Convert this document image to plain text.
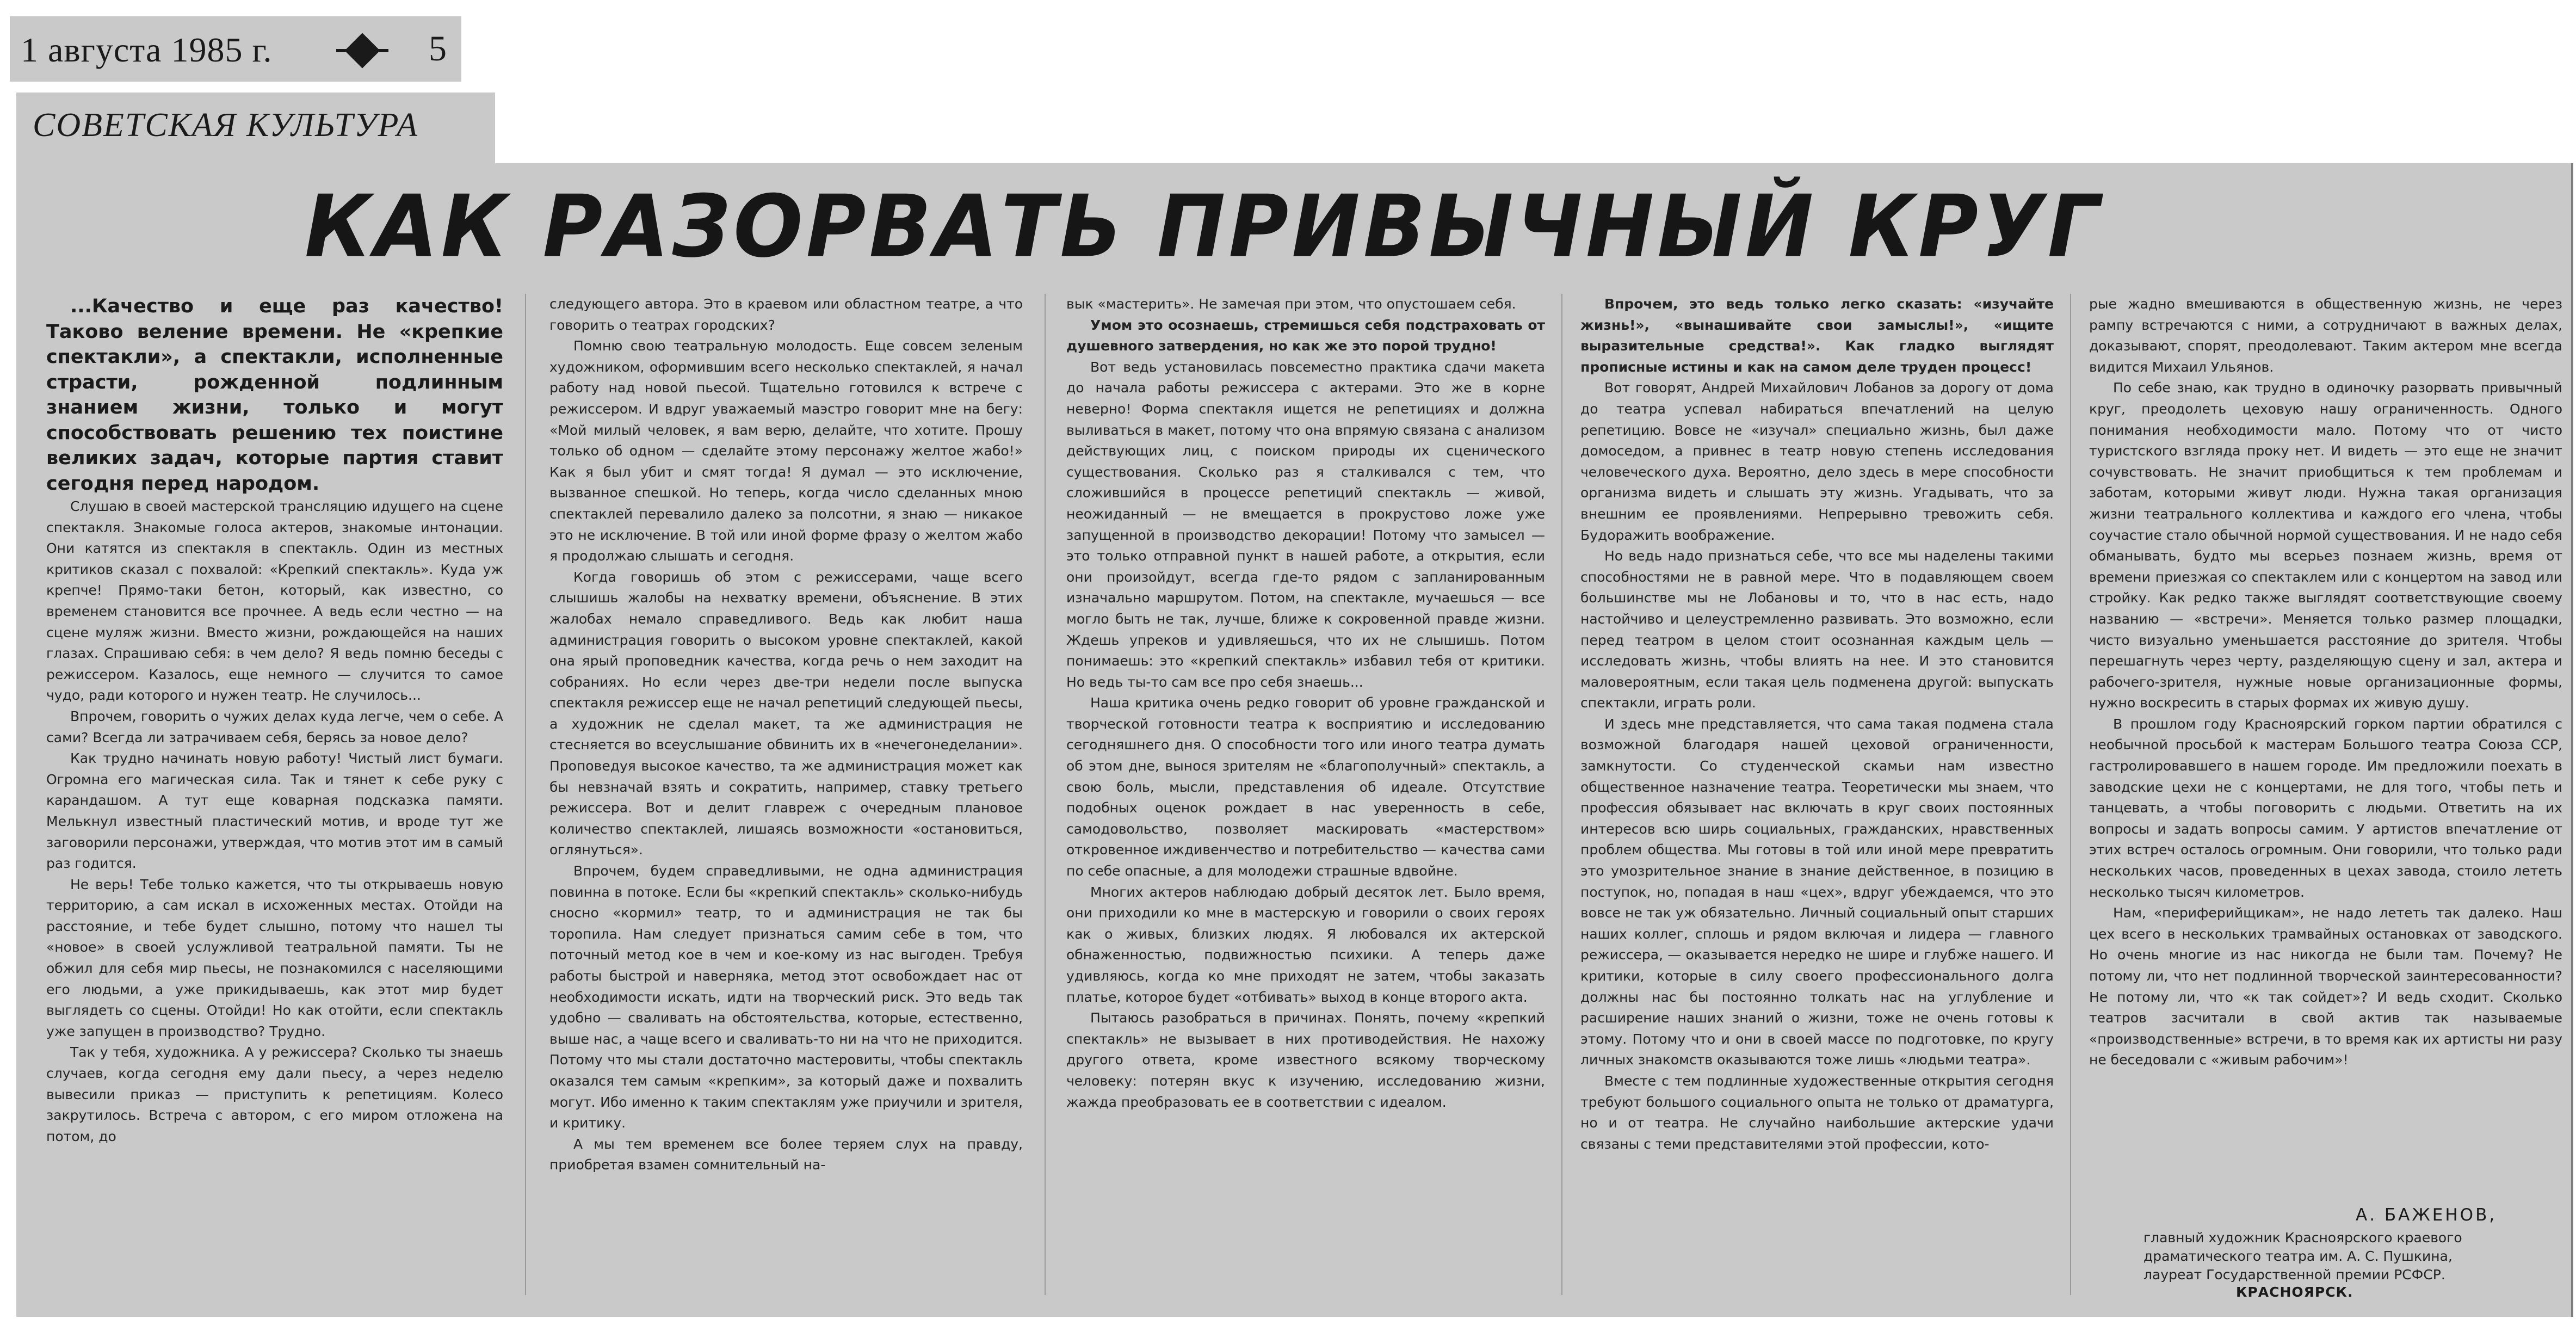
1 августа 1985 г.	5
СОВЕТСКАЯ КУЛЬТУРА
КАК РАЗОРВАТЬ ПРИВЫЧНЫЙ КРУГ

...Качество и еще раз качество! Таково веление времени. Не «крепкие спектакли», а спектакли, исполненные страсти, рожденной подлинным знанием жизни, только и могут способствовать решению тех поистине великих задач, которые партия ставит сегодня перед народом.

Слушаю в своей мастерской трансляцию идущего на сцене спектакля. Знакомые голоса актеров, знакомые интонации. Они катятся из спектакля в спектакль. Один из местных критиков сказал с похвалой: «Крепкий спектакль». Куда уж крепче! Прямо-таки бетон, который, как известно, со временем становится все прочнее. А ведь если честно — на сцене муляж жизни. Вместо жизни, рождающейся на наших глазах. Спрашиваю себя: в чем дело? Я ведь помню беседы с режиссером. Казалось, еще немного — случится то самое чудо, ради которого и нужен театр. Не случилось...

Впрочем, говорить о чужих делах куда легче, чем о себе. А сами? Всегда ли затрачиваем себя, берясь за новое дело?

Как трудно начинать новую работу! Чистый лист бумаги. Огромна его магическая сила. Так и тянет к себе руку с карандашом. А тут еще коварная подсказка памяти. Мелькнул известный пластический мотив, и вроде тут же заговорили персонажи, утверждая, что мотив этот им в самый раз годится.

Не верь! Тебе только кажется, что ты открываешь новую территорию, а сам искал в исхоженных местах. Отойди на расстояние, и тебе будет слышно, потому что нашел ты «новое» в своей услужливой театральной памяти. Ты не обжил для себя мир пьесы, не познакомился с населяющими его людьми, а уже прикидываешь, как этот мир будет выглядеть со сцены. Отойди! Но как отойти, если спектакль уже запущен в производство? Трудно.

Так у тебя, художника. А у режиссера? Сколько ты знаешь случаев, когда сегодня ему дали пьесу, а через неделю вывесили приказ — приступить к репетициям. Колесо закрутилось. Встреча с автором, с его миром отложена на потом, до

следующего автора. Это в краевом или областном театре, а что говорить о театрах городских?

Помню свою театральную молодость. Еще совсем зеленым художником, оформившим всего несколько спектаклей, я начал работу над новой пьесой. Тщательно готовился к встрече с режиссером. И вдруг уважаемый маэстро говорит мне на бегу: «Мой милый человек, я вам верю, делайте, что хотите. Прошу только об одном — сделайте этому персонажу желтое жабо!» Как я был убит и смят тогда! Я думал — это исключение, вызванное спешкой. Но теперь, когда число сделанных мною спектаклей перевалило далеко за полсотни, я знаю — никакое это не исключение. В той или иной форме фразу о желтом жабо я продолжаю слышать и сегодня.

Когда говоришь об этом с режиссерами, чаще всего слышишь жалобы на нехватку времени, объяснение. В этих жалобах немало справедливого. Ведь как любит наша администрация говорить о высоком уровне спектаклей, какой она ярый проповедник качества, когда речь о нем заходит на собраниях. Но если через две-три недели после выпуска спектакля режиссер еще не начал репетиций следующей пьесы, а художник не сделал макет, та же администрация не стесняется во всеуслышание обвинить их в «нечегонеделании». Проповедуя высокое качество, та же администрация может как бы невзначай взять и сократить, например, ставку третьего режиссера. Вот и делит главреж с очередным плановое количество спектаклей, лишаясь возможности «остановиться, оглянуться».

Впрочем, будем справедливыми, не одна администрация повинна в потоке. Если бы «крепкий спектакль» сколько-нибудь сносно «кормил» театр, то и администрация не так бы торопила. Нам следует признаться самим себе в том, что поточный метод кое в чем и кое-кому из нас выгоден. Требуя работы быстрой и наверняка, метод этот освобождает нас от необходимости искать, идти на творческий риск. Это ведь так удобно — сваливать на обстоятельства, которые, естественно, выше нас, а чаще всего и сваливать-то ни на что не приходится. Потому что мы стали достаточно мастеровиты, чтобы спектакль оказался тем самым «крепким», за который даже и похвалить могут. Ибо именно к таким спектаклям уже приучили и зрителя, и критику.

А мы тем временем все более теряем слух на правду, приобретая взамен сомнительный на-

вык «мастерить». Не замечая при этом, что опустошаем себя.

Умом это осознаешь, стремишься себя подстраховать от душевного затвердения, но как же это порой трудно!

Вот ведь установилась повсеместно практика сдачи макета до начала работы режиссера с актерами. Это же в корне неверно! Форма спектакля ищется не репетициях и должна выливаться в макет, потому что она впрямую связана с анализом действующих лиц, с поиском природы их сценического существования. Сколько раз я сталкивался с тем, что сложившийся в процессе репетиций спектакль — живой, неожиданный — не вмещается в прокрустово ложе уже запущенной в производство декорации! Потому что замысел — это только отправной пункт в нашей работе, а открытия, если они произойдут, всегда где-то рядом с запланированным изначально маршрутом. Потом, на спектакле, мучаешься — все могло быть не так, лучше, ближе к сокровенной правде жизни. Ждешь упреков и удивляешься, что их не слышишь. Потом понимаешь: это «крепкий спектакль» избавил тебя от критики. Но ведь ты-то сам все про себя знаешь...

Наша критика очень редко говорит об уровне гражданской и творческой готовности театра к восприятию и исследованию сегодняшнего дня. О способности того или иного театра думать об этом дне, вынося зрителям не «благополучный» спектакль, а свою боль, мысли, представления об идеале. Отсутствие подобных оценок рождает в нас уверенность в себе, самодовольство, позволяет маскировать «мастерством» откровенное иждивенчество и потребительство — качества сами по себе опасные, а для молодежи страшные вдвойне.

Многих актеров наблюдаю добрый десяток лет. Было время, они приходили ко мне в мастерскую и говорили о своих героях как о живых, близких людях. Я любовался их актерской обнаженностью, подвижностью психики. А теперь даже удивляюсь, когда ко мне приходят не затем, чтобы заказать платье, которое будет «отбивать» выход в конце второго акта.

Пытаюсь разобраться в причинах. Понять, почему «крепкий спектакль» не вызывает в них противодействия. Не нахожу другого ответа, кроме известного всякому творческому человеку: потерян вкус к изучению, исследованию жизни, жажда преобразовать ее в соответствии с идеалом.

Впрочем, это ведь только легко сказать: «изучайте жизнь!», «вынашивайте свои замыслы!», «ищите выразительные средства!». Как гладко выглядят прописные истины и как на самом деле труден процесс!

Вот говорят, Андрей Михайлович Лобанов за дорогу от дома до театра успевал набираться впечатлений на целую репетицию. Вовсе не «изучал» специально жизнь, был даже домоседом, а привнес в театр новую степень исследования человеческого духа. Вероятно, дело здесь в мере способности организма видеть и слышать эту жизнь. Угадывать, что за внешним ее проявлениями. Непрерывно тревожить себя. Будоражить воображение.

Но ведь надо признаться себе, что все мы наделены такими способностями не в равной мере. Что в подавляющем своем большинстве мы не Лобановы и то, что в нас есть, надо настойчиво и целеустремленно развивать. Это возможно, если перед театром в целом стоит осознанная каждым цель — исследовать жизнь, чтобы влиять на нее. И это становится маловероятным, если такая цель подменена другой: выпускать спектакли, играть роли.

И здесь мне представляется, что сама такая подмена стала возможной благодаря нашей цеховой ограниченности, замкнутости. Со студенческой скамьи нам известно общественное назначение театра. Теоретически мы знаем, что профессия обязывает нас включать в круг своих постоянных интересов всю ширь социальных, гражданских, нравственных проблем общества. Мы готовы в той или иной мере превратить это умозрительное знание в знание действенное, в позицию в поступок, но, попадая в наш «цех», вдруг убеждаемся, что это вовсе не так уж обязательно. Личный социальный опыт старших наших коллег, сплошь и рядом включая и лидера — главного режиссера, — оказывается нередко не шире и глубже нашего. И критики, которые в силу своего профессионального долга должны нас бы постоянно толкать нас на углубление и расширение наших знаний о жизни, тоже не очень готовы к этому. Потому что и они в своей массе по подготовке, по кругу личных знакомств оказываются тоже лишь «людьми театра».

Вместе с тем подлинные художественные открытия сегодня требуют большого социального опыта не только от драматурга, но и от театра. Не случайно наибольшие актерские удачи связаны с теми представителями этой профессии, кото-

рые жадно вмешиваются в общественную жизнь, не через рампу встречаются с ними, а сотрудничают в важных делах, доказывают, спорят, преодолевают. Таким актером мне всегда видится Михаил Ульянов.

По себе знаю, как трудно в одиночку разорвать привычный круг, преодолеть цеховую нашу ограниченность. Одного понимания необходимости мало. Потому что от чисто туристского взгляда проку нет. И видеть — это еще не значит сочувствовать. Не значит приобщиться к тем проблемам и заботам, которыми живут люди. Нужна такая организация жизни театрального коллектива и каждого его члена, чтобы соучастие стало обычной нормой существования. И не надо себя обманывать, будто мы всерьез познаем жизнь, время от времени приезжая со спектаклем или с концертом на завод или стройку. Как редко также выглядят соответствующие своему названию — «встречи». Меняется только размер площадки, чисто визуально уменьшается расстояние до зрителя. Чтобы перешагнуть через черту, разделяющую сцену и зал, актера и рабочего-зрителя, нужные новые организационные формы, нужно воскресить в старых формах их живую душу.

В прошлом году Красноярский горком партии обратился с необычной просьбой к мастерам Большого театра Союза ССР, гастролировавшего в нашем городе. Им предложили поехать в заводские цехи не с концертами, не для того, чтобы петь и танцевать, а чтобы поговорить с людьми. Ответить на их вопросы и задать вопросы самим. У артистов впечатление от этих встреч осталось огромным. Они говорили, что только ради нескольких часов, проведенных в цехах завода, стоило лететь несколько тысяч километров.

Нам, «периферийщикам», не надо лететь так далеко. Наш цех всего в нескольких трамвайных остановках от заводского. Но очень многие из нас никогда не были там. Почему? Не потому ли, что нет подлинной творческой заинтересованности? Не потому ли, что «к так сойдет»? И ведь сходит. Сколько театров засчитали в свой актив так называемые «производственные» встречи, в то время как их артисты ни разу не беседовали с «живым рабочим»!

А. БАЖЕНОВ,
главный художник Красноярского краевого
драматического театра им. А. С. Пушкина,
лауреат Государственной премии РСФСР.
КРАСНОЯРСК.
